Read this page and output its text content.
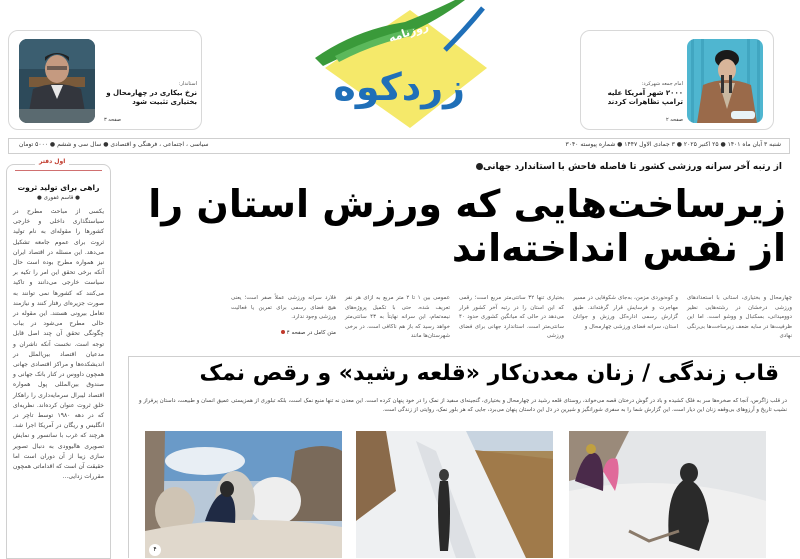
استاندار:
نرخ بیکاری در چهارمحال و بختیاری تثبیت شود
صفحه ۳
روزنامه
زردکوه	امام جمعه شهرکرد:
۲۰۰۰ شهر آمریکا علیه ترامپ تظاهرات کردند
صفحه ۲
شنبه ۳ آبان ماه ۱۴۰۱ ● ۲۵ اکتبر ۲۰۲۵ ● ۳ جمادی الاول ۱۴۴۷ ● شماره پیوسته ۳۰۴۰
سیاسی ، اجتماعی ، فرهنگی و اقتصادی ● سال سی و ششم ● ۵۰۰۰ تومان
اول دفتر
راهی برای تولید ثروت
● قاسم غفوری ●
یکسی از مباحث مطرح در سیاستگذاری داخلی و خارجی کشورها را مقوله‌ای به نام تولید ثروت برای عموم جامعه تشکیل می‌دهد. این مسئله در اقتصاد ایران نیز همواره مطرح بوده است حال آنکه برخی تحقق این امر را تکیه بر سیاست خارجی می‌دانند و تاکید می‌کنند که کشورها نمی توانند به صورت جزیره‌ای رفتار کنند و نیازمند تعامل بیرونی هستند. این مقوله در حالی مطرح می‌شود در بباب چگونگی تحقق آن چند اصل قابل توجه است. نخست آنکه ناشران و مدعیان اقتصاد بین‌الملل در اندیشکده‌ها و مراکز اقتصادی جهانی همچون داووس در کنار بانک جهانی و صندوق بین‌المللی پول همواره اقتصاد لیبرال سرمایه‌داری را راهکار خلق ثروت عنوان کرده‌اند. نظریه‌ای که در دهه ۱۹۸۰ توسط تاچر در انگلیس و ریگان در آمریکا اجرا شد. هرچند که غرب با سانسور و نمایش تصویری هالیوودی به دنبال تصویر سازی زیبا از آن دوران است اما حقیقت آن است که اقداماتی همچون مقررات زدایی...
از رتبه آخر سرانه ورزشی کشور تا فاصله فاحش با استاندارد جهانی
زیرساخت‌هایی که ورزش استان را از نفس انداخته‌اند
چهارمحال و بختیاری، استانی با استعدادهای ورزشی درخشان در رشته‌هایی نظیر دوومیدانی، بسکتبال و ووشو است. اما این ظرفیت‌ها در سایه ضعف زیرساخت‌ها بی‌رنگی نهادی
و کوه‌نوردی مزمن، به‌جای شکوفایی در مسیر مهاجرت و فرسایش قرار گرفته‌اند. طبق گزارش رسمی اداره‌کل ورزش و جوانان استان، سرانه فضای ورزشی چهارمحال و
بختیاری تنها ۳۲ سانتی‌متر مربع است؛ رقمی که این استان را در رتبه آخر کشور قرار می‌دهد در حالی که میانگین کشوری حدود ۴۰ سانتی‌متر است. استاندارد جهانی برای فضای ورزشی
عمومی بین ۱ تا ۲ متر مربع به ازای هر نفر تعریف شده. حتی با تکمیل پروژه‌های نیمه‌تمام، این سرانه نهایتاً به ۴۳ سانتی‌متر خواهد رسید که باز هم ناکافی است. در برخی شهرستان‌ها مانند
فلارد سرانه ورزشی عملاً صفر است؛ یعنی هیچ فضای رسمی برای تمرین یا فعالیت ورزشی وجود ندارد.
متن کامل در صفحه ۴
قاب زندگی / زنان معدن‌کار «قلعه رشید» و رقص نمک
در قلب زاگرس، آنجا که صخره‌ها سر به فلک کشیده و باد در گوش درختان قصه می‌خواند، روستای قلعه رشید در چهارمحال و بختیاری، گنجینه‌ای سفید از نمک را در خود پنهان کرده است. این معدن نه تنها منبع نمک است، بلکه تبلوری از همزیستی عمیق انسان و طبیعت، داستان پرفراز و نشیب تاریخ و آرزوهای بی‌وقفه زنان این دیار است. این گزارش شما را به سفری شورانگیز و شیرین در دل این داستان پنهان می‌برد، جایی که هر بلور نمک، روایتی از زندگی است.
۴
